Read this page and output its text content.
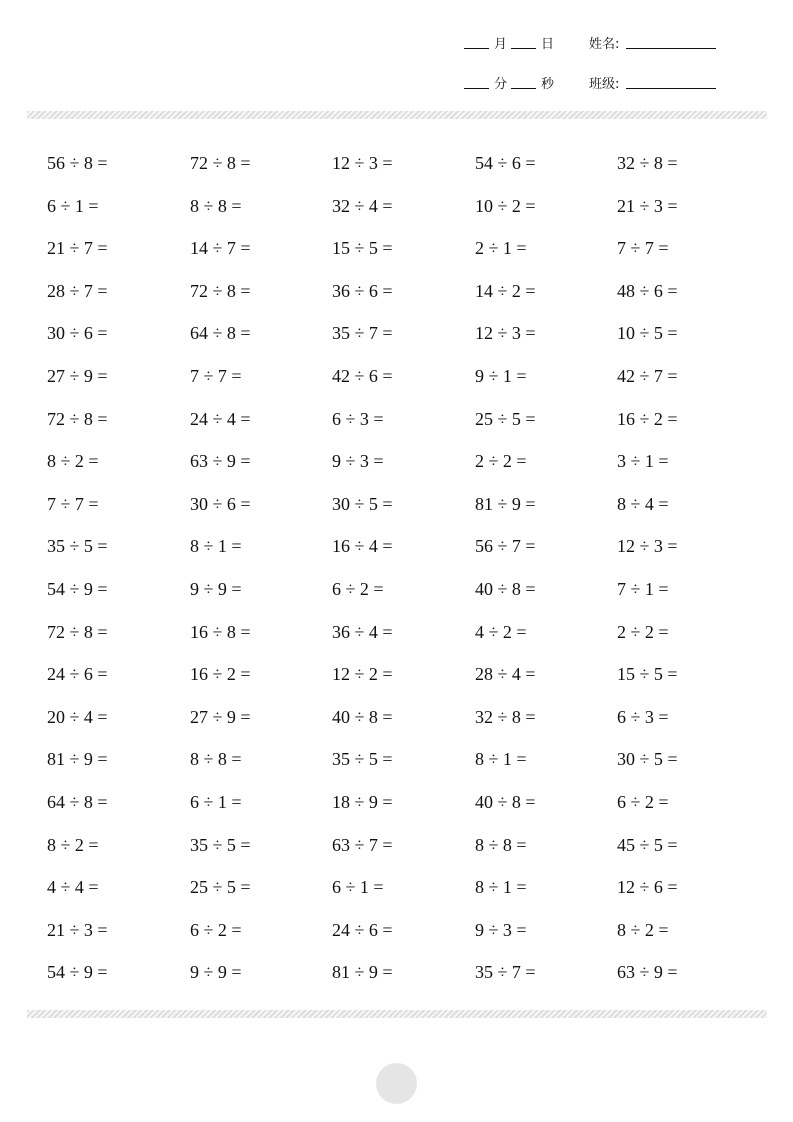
月	日	姓名:
分	秒	班级:
56 ÷ 8 =	72 ÷ 8 =	12 ÷ 3 =	54 ÷ 6 =	32 ÷ 8 =
6 ÷ 1 =	8 ÷ 8 =	32 ÷ 4 =	10 ÷ 2 =	21 ÷ 3 =
21 ÷ 7 =	14 ÷ 7 =	15 ÷ 5 =	2 ÷ 1 =	7 ÷ 7 =
28 ÷ 7 =	72 ÷ 8 =	36 ÷ 6 =	14 ÷ 2 =	48 ÷ 6 =
30 ÷ 6 =	64 ÷ 8 =	35 ÷ 7 =	12 ÷ 3 =	10 ÷ 5 =
27 ÷ 9 =	7 ÷ 7 =	42 ÷ 6 =	9 ÷ 1 =	42 ÷ 7 =
72 ÷ 8 =	24 ÷ 4 =	6 ÷ 3 =	25 ÷ 5 =	16 ÷ 2 =
8 ÷ 2 =	63 ÷ 9 =	9 ÷ 3 =	2 ÷ 2 =	3 ÷ 1 =
7 ÷ 7 =	30 ÷ 6 =	30 ÷ 5 =	81 ÷ 9 =	8 ÷ 4 =
35 ÷ 5 =	8 ÷ 1 =	16 ÷ 4 =	56 ÷ 7 =	12 ÷ 3 =
54 ÷ 9 =	9 ÷ 9 =	6 ÷ 2 =	40 ÷ 8 =	7 ÷ 1 =
72 ÷ 8 =	16 ÷ 8 =	36 ÷ 4 =	4 ÷ 2 =	2 ÷ 2 =
24 ÷ 6 =	16 ÷ 2 =	12 ÷ 2 =	28 ÷ 4 =	15 ÷ 5 =
20 ÷ 4 =	27 ÷ 9 =	40 ÷ 8 =	32 ÷ 8 =	6 ÷ 3 =
81 ÷ 9 =	8 ÷ 8 =	35 ÷ 5 =	8 ÷ 1 =	30 ÷ 5 =
64 ÷ 8 =	6 ÷ 1 =	18 ÷ 9 =	40 ÷ 8 =	6 ÷ 2 =
8 ÷ 2 =	35 ÷ 5 =	63 ÷ 7 =	8 ÷ 8 =	45 ÷ 5 =
4 ÷ 4 =	25 ÷ 5 =	6 ÷ 1 =	8 ÷ 1 =	12 ÷ 6 =
21 ÷ 3 =	6 ÷ 2 =	24 ÷ 6 =	9 ÷ 3 =	8 ÷ 2 =
54 ÷ 9 =	9 ÷ 9 =	81 ÷ 9 =	35 ÷ 7 =	63 ÷ 9 =
